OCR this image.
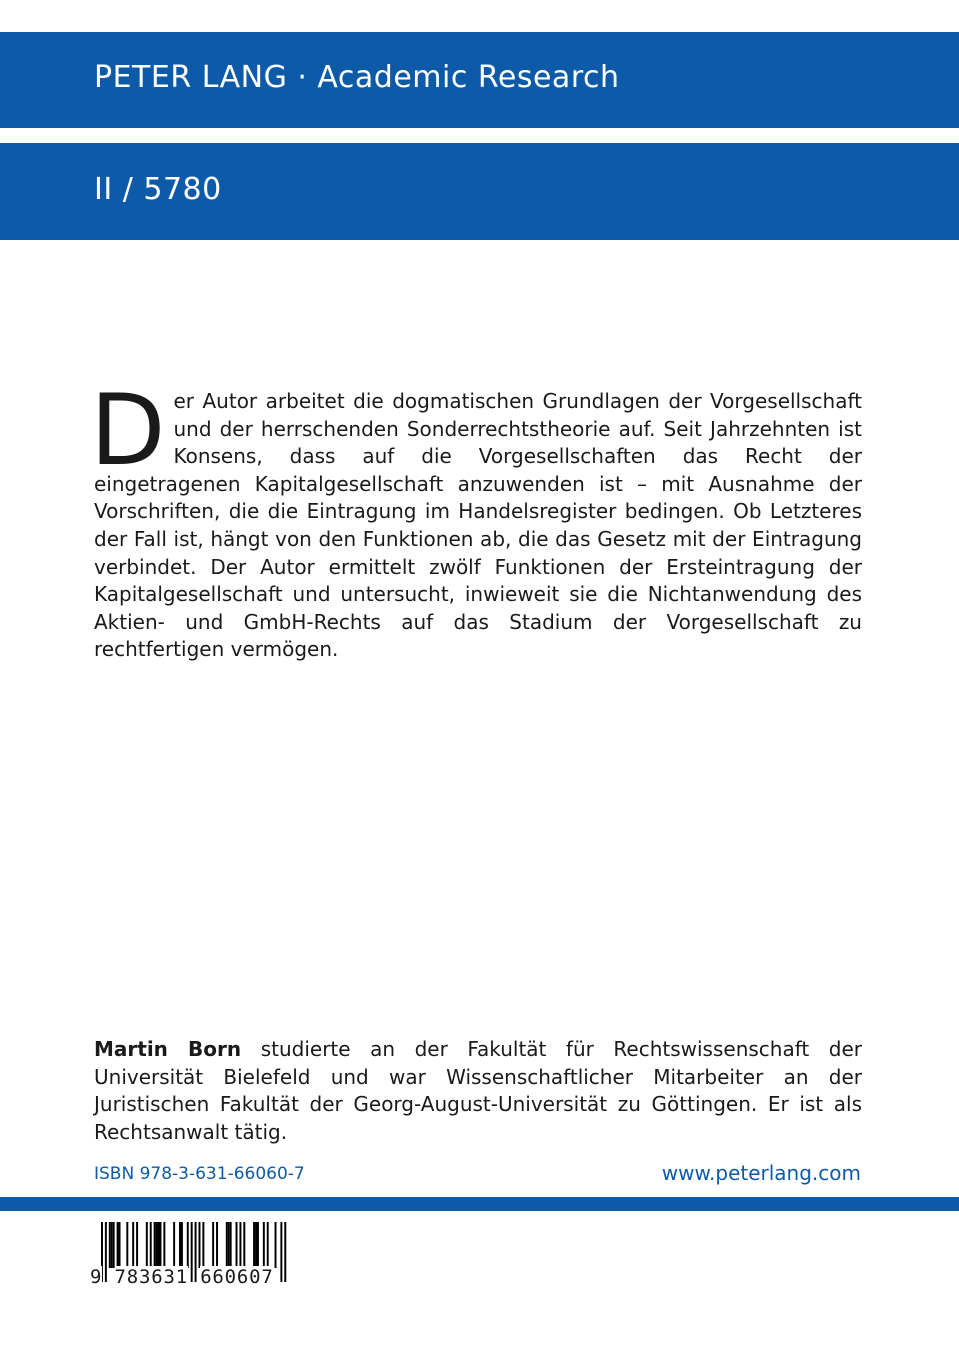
PETER LANG · Academic Research
II / 5780
D er Autor arbeitet die dogmatischen Grundlagen der Vorgesellschaft und der herrschenden Sonderrechtstheorie auf. Seit Jahrzehnten ist Konsens, dass auf die Vorgesellschaften das Recht der eingetragenen Kapitalgesellschaft anzuwenden ist – mit Ausnahme der Vorschriften, die die Eintragung im Handelsregister bedingen. Ob Letzteres der Fall ist, hängt von den Funktionen ab, die das Gesetz mit der Eintragung verbindet. Der Autor ermittelt zwölf Funktionen der Ersteintragung der Kapitalgesellschaft und untersucht, inwieweit sie die Nichtanwendung des Aktien- und GmbH-Rechts auf das Stadium der Vorgesellschaft zu rechtfertigen vermögen.

Martin Born studierte an der Fakultät für Rechtswissenschaft der Universität Bielefeld und war Wissenschaftlicher Mitarbeiter an der Juristischen Fakultät der Georg-August-Universität zu Göttingen. Er ist als Rechtsanwalt tätig.
ISBN 978-3-631-66060-7	www.peterlang.com
9 783631 660607
